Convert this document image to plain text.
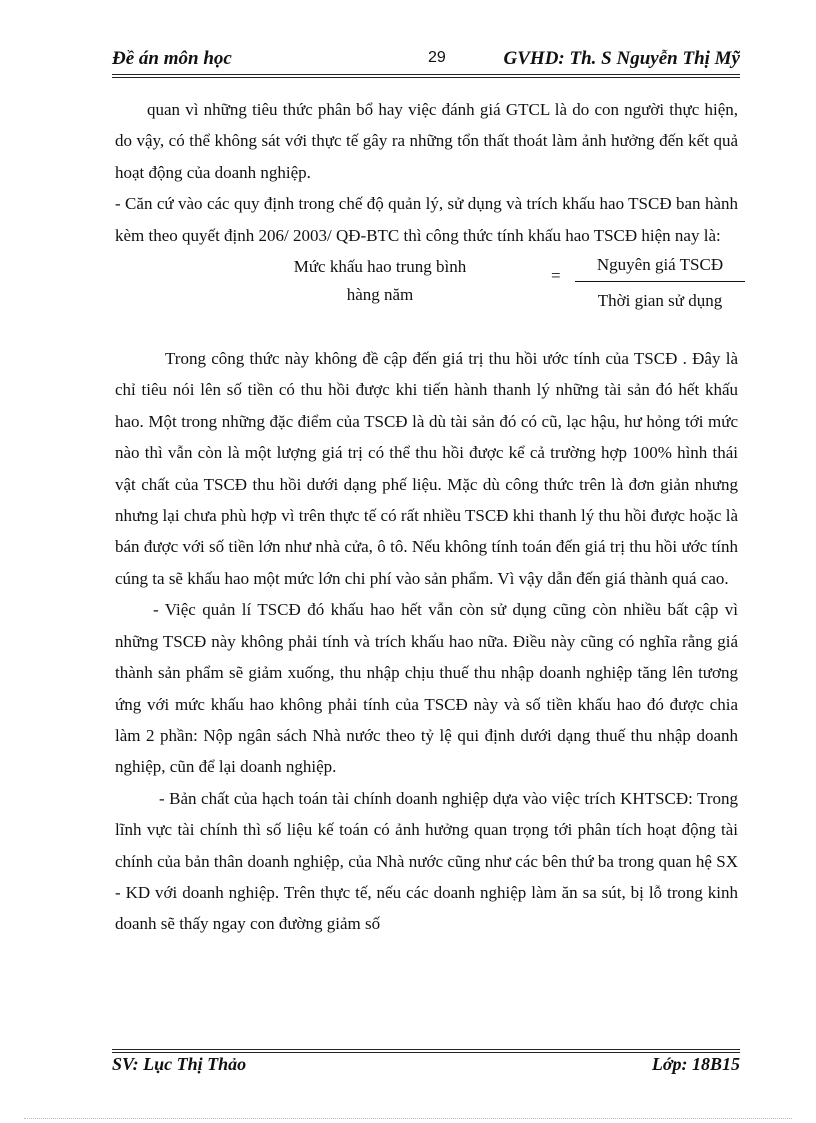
Đề án môn học	29	GVHD: Th. S Nguyễn Thị Mỹ

quan vì những tiêu thức phân bổ hay việc đánh giá GTCL là do con người thực hiện, do vậy, có thể không sát với thực tế gây ra những tổn thất thoát làm ảnh hưởng đến kết quả hoạt động của doanh nghiệp.

- Căn cứ vào các quy định trong chế độ quản lý, sử dụng và trích khấu hao TSCĐ ban hành kèm theo quyết định 206/ 2003/ QĐ-BTC thì công thức tính khấu hao TSCĐ hiện nay là:

Mức khấu hao trung bình
hàng năm
=
Nguyên giá TSCĐ
Thời gian sử dụng

Trong công thức này không đề cập đến giá trị thu hồi ước tính của TSCĐ . Đây là chỉ tiêu nói lên số tiền có thu hồi được khi tiến hành thanh lý những tài sản đó hết khấu hao. Một trong những đặc điểm của TSCĐ là dù tài sản đó có cũ, lạc hậu, hư hỏng tới mức nào thì vẫn còn là một lượng giá trị có thể thu hồi được kể cả trường hợp 100% hình thái vật chất của TSCĐ thu hồi dưới dạng phế liệu. Mặc dù công thức trên là đơn giản nhưng nhưng lại chưa phù hợp vì trên thực tế có rất nhiều TSCĐ khi thanh lý thu hồi được hoặc là bán được với số tiền lớn như nhà cửa, ô tô. Nếu không tính toán đến giá trị thu hồi ước tính cúng ta sẽ khấu hao một mức lớn chi phí vào sản phẩm. Vì vậy dẫn đến giá thành quá cao.

- Việc quản lí TSCĐ đó khấu hao hết vẫn còn sử dụng cũng còn nhiều bất cập vì những TSCĐ này không phải tính và trích khấu hao nữa. Điều này cũng có nghĩa rằng giá thành sản phẩm sẽ giảm xuống, thu nhập chịu thuế thu nhập doanh nghiệp tăng lên tương ứng với mức khấu hao không phải tính của TSCĐ này và số tiền khấu hao đó được chia làm 2 phần: Nộp ngân sách Nhà nước theo tỷ lệ qui định dưới dạng thuế thu nhập doanh nghiệp, cũn để lại doanh nghiệp.

- Bản chất của hạch toán tài chính doanh nghiệp dựa vào việc trích KHTSCĐ: Trong lĩnh vực tài chính thì số liệu kế toán có ảnh hưởng quan trọng tới phân tích hoạt động tài chính của bản thân doanh nghiệp, của Nhà nước cũng như các bên thứ ba trong quan hệ SX - KD với doanh nghiệp. Trên thực tế, nếu các doanh nghiệp làm ăn sa sút, bị lỗ trong kinh doanh sẽ thấy ngay con đường giảm số

SV: Lục Thị Thảo	Lớp: 18B15
